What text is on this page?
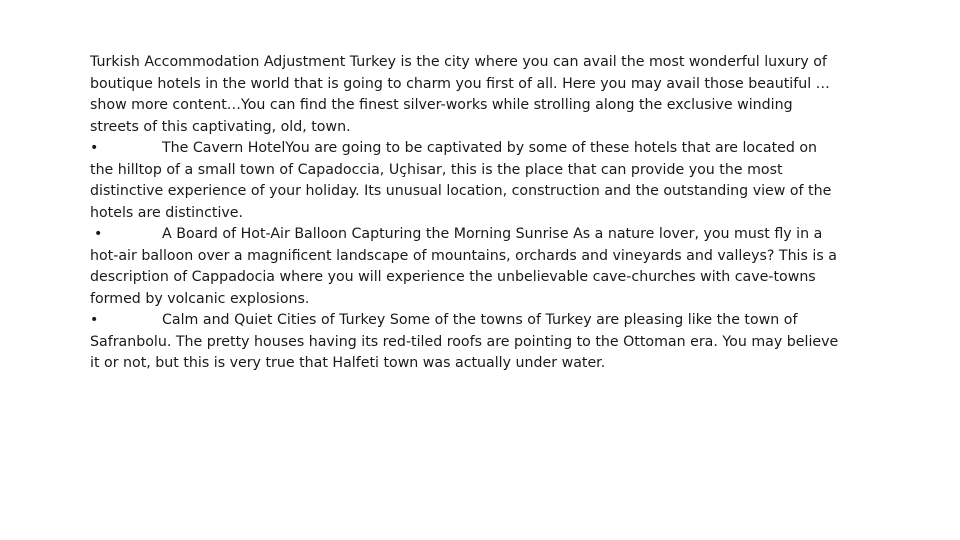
Turkish Accommodation Adjustment Turkey is the city where you can avail the most wonderful luxury of boutique hotels in the world that is going to charm you first of all. Here you may avail those beautiful …show more content…You can find the finest silver-works while strolling along the exclusive winding streets of this captivating, old, town.

•	The Cavern HotelYou are going to be captivated by some of these hotels that are located on the hilltop of a small town of Capadoccia, Uçhisar, this is the place that can provide you the most distinctive experience of your holiday. Its unusual location, construction and the outstanding view of the hotels are distinctive.

•	A Board of Hot-Air Balloon Capturing the Morning Sunrise As a nature lover, you must fly in a hot-air balloon over a magnificent landscape of mountains, orchards and vineyards and valleys? This is a description of Cappadocia where you will experience the unbelievable cave-churches with cave-towns formed by volcanic explosions.

•	Calm and Quiet Cities of Turkey Some of the towns of Turkey are pleasing like the town of Safranbolu. The pretty houses having its red-tiled roofs are pointing to the Ottoman era. You may believe it or not, but this is very true that Halfeti town was actually under water.
